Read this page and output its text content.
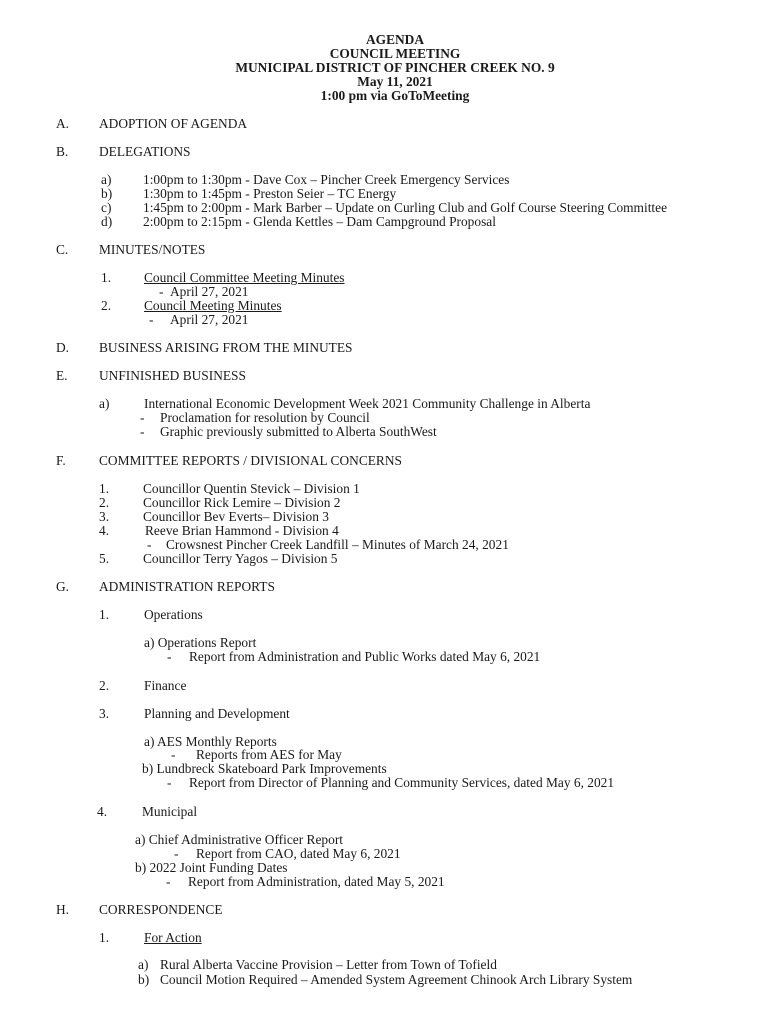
AGENDA
COUNCIL MEETING
MUNICIPAL DISTRICT OF PINCHER CREEK NO. 9
May 11, 2021
1:00 pm via GoToMeeting
A. ADOPTION OF AGENDA
B. DELEGATIONS
a) 1:00pm to 1:30pm - Dave Cox – Pincher Creek Emergency Services
b) 1:30pm to 1:45pm - Preston Seier – TC Energy
c) 1:45pm to 2:00pm - Mark Barber – Update on Curling Club and Golf Course Steering Committee
d) 2:00pm to 2:15pm - Glenda Kettles – Dam Campground Proposal
C. MINUTES/NOTES
1. Council Committee Meeting Minutes
- April 27, 2021
2. Council Meeting Minutes
- April 27, 2021
D. BUSINESS ARISING FROM THE MINUTES
E. UNFINISHED BUSINESS
a)	International Economic Development Week 2021 Community Challenge in Alberta
- Proclamation for resolution by Council
- Graphic previously submitted to Alberta SouthWest
F. COMMITTEE REPORTS / DIVISIONAL CONCERNS
1.	Councillor Quentin Stevick – Division 1
2.	Councillor Rick Lemire – Division 2
3.	Councillor Bev Everts– Division 3
4.	Reeve Brian Hammond - Division 4
- Crowsnest Pincher Creek Landfill – Minutes of March 24, 2021
5.	Councillor Terry Yagos – Division 5
G. ADMINISTRATION REPORTS
1.	Operations
a) Operations Report
- Report from Administration and Public Works dated May 6, 2021
2.	Finance
3.	Planning and Development
a) AES Monthly Reports
- Reports from AES for May
b) Lundbreck Skateboard Park Improvements
- Report from Director of Planning and Community Services, dated May 6, 2021
4.	Municipal
a) Chief Administrative Officer Report
- Report from CAO, dated May 6, 2021
b) 2022 Joint Funding Dates
- Report from Administration, dated May 5, 2021
H. CORRESPONDENCE
1.	For Action
a) Rural Alberta Vaccine Provision – Letter from Town of Tofield
b) Council Motion Required – Amended System Agreement Chinook Arch Library System
